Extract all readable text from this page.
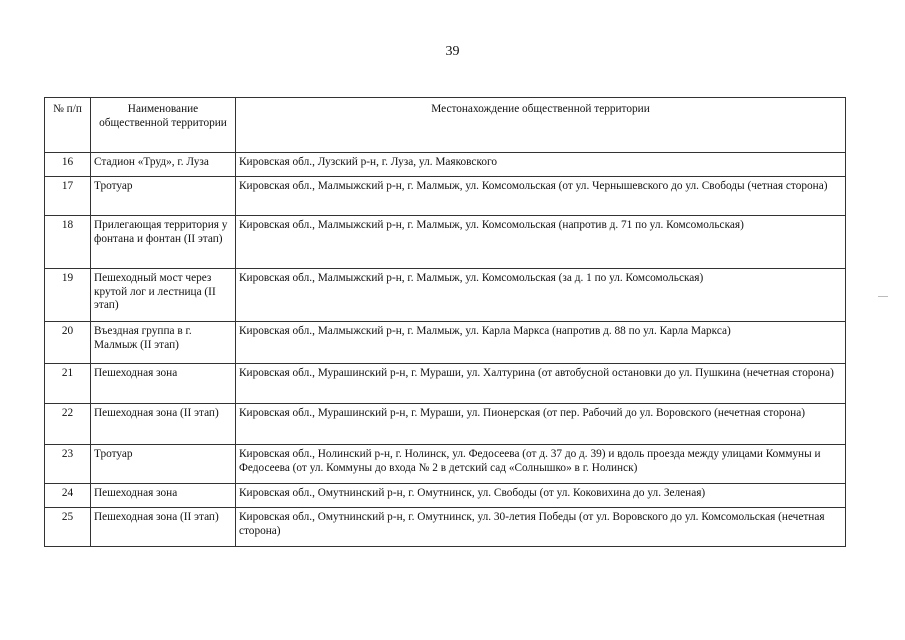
39
№ п/п	Наименование общественной территории	Местонахождение общественной территории
16	Стадион «Труд», г. Луза	Кировская обл., Лузский р-н, г. Луза, ул. Маяковского
17	Тротуар	Кировская обл., Малмыжский р-н, г. Малмыж, ул. Комсомольская (от ул. Чернышевского до ул. Свободы (четная сторона)
18	Прилегающая территория у фонтана и фонтан (II этап)	Кировская обл., Малмыжский р-н, г. Малмыж, ул. Комсомольская (напротив д. 71 по ул. Комсомольская)
19	Пешеходный мост через крутой лог и лестница (II этап)	Кировская обл., Малмыжский р-н, г. Малмыж, ул. Комсомольская (за д. 1 по ул. Комсомольская)
20	Въездная группа в г. Малмыж (II этап)	Кировская обл., Малмыжский р-н, г. Малмыж, ул. Карла Маркса (напротив д. 88 по ул. Карла Маркса)
21	Пешеходная зона	Кировская обл., Мурашинский р-н, г. Мураши, ул. Халтурина (от автобусной остановки до ул. Пушкина (нечетная сторона)
22	Пешеходная зона (II этап)	Кировская обл., Мурашинский р-н, г. Мураши, ул. Пионерская (от пер. Рабочий до ул. Воровского (нечетная сторона)
23	Тротуар	Кировская обл., Нолинский р-н, г. Нолинск, ул. Федосеева (от д. 37 до д. 39) и вдоль проезда между улицами Коммуны и Федосеева (от ул. Коммуны до входа № 2 в детский сад «Солнышко» в г. Нолинск)
24	Пешеходная зона	Кировская обл., Омутнинский р-н, г. Омутнинск, ул. Свободы (от ул. Коковихина до ул. Зеленая)
25	Пешеходная зона (II этап)	Кировская обл., Омутнинский р-н, г. Омутнинск, ул. 30-летия Победы (от ул. Воровского до ул. Комсомольская (нечетная сторона)
